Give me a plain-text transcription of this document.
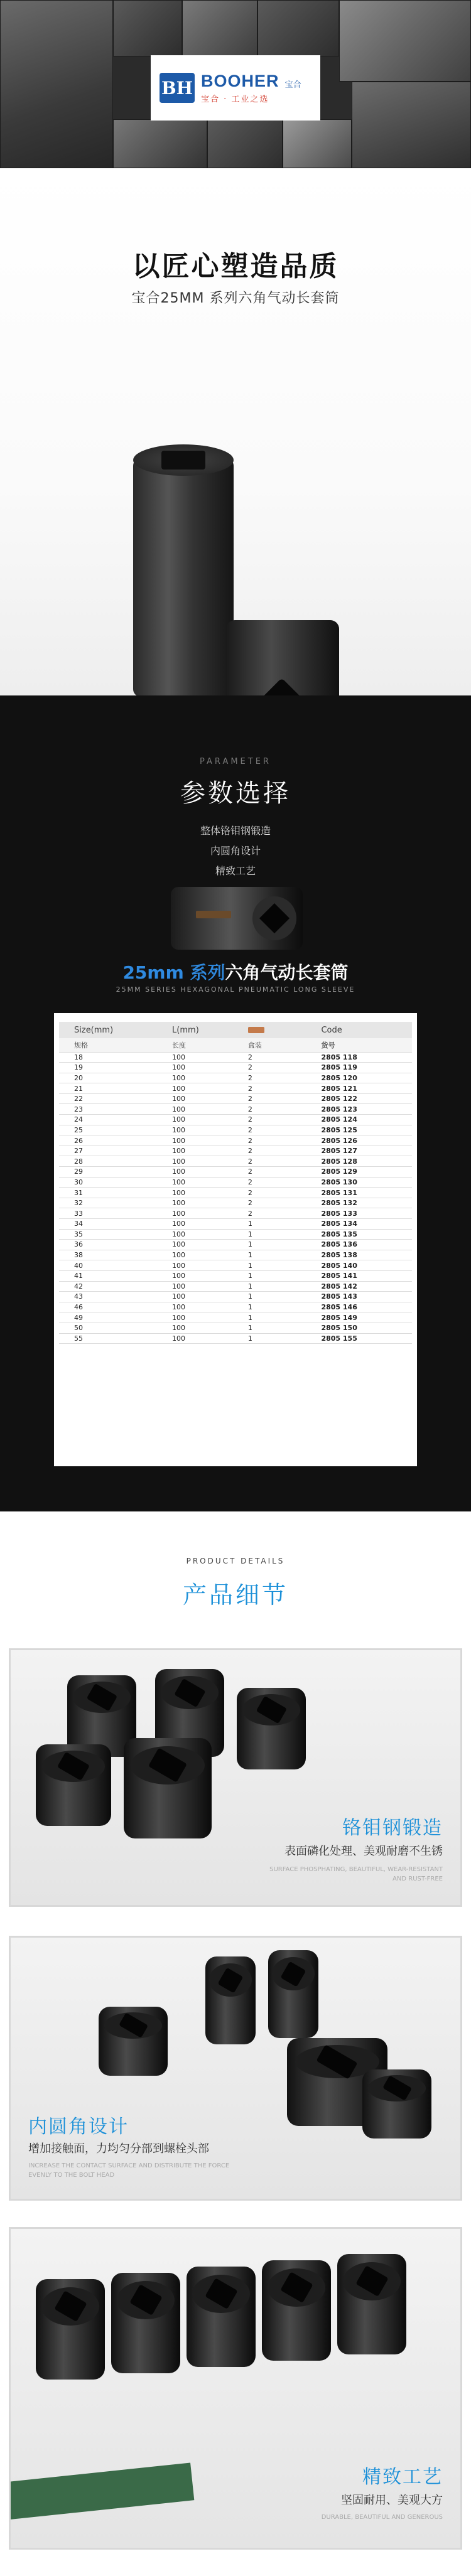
BH BOOHER 宝合
宝合 · 工业之选
以匠心塑造品质
宝合25MM 系列六角气动长套筒
PARAMETER
参数选择
整体铬钼钢锻造
内圆角设计
精致工艺
25mm 系列六角气动长套筒
25MM SERIES HEXAGONAL PNEUMATIC LONG SLEEVE
Size(mm)	L(mm)		Code
规格	长度	盒装	货号
18	100	2	2805 118
19	100	2	2805 119
20	100	2	2805 120
21	100	2	2805 121
22	100	2	2805 122
23	100	2	2805 123
24	100	2	2805 124
25	100	2	2805 125
26	100	2	2805 126
27	100	2	2805 127
28	100	2	2805 128
29	100	2	2805 129
30	100	2	2805 130
31	100	2	2805 131
32	100	2	2805 132
33	100	2	2805 133
34	100	1	2805 134
35	100	1	2805 135
36	100	1	2805 136
38	100	1	2805 138
40	100	1	2805 140
41	100	1	2805 141
42	100	1	2805 142
43	100	1	2805 143
46	100	1	2805 146
49	100	1	2805 149
50	100	1	2805 150
55	100	1	2805 155
PRODUCT DETAILS
产品细节
铬钼钢锻造
表面磷化处理、美观耐磨不生锈
SURFACE PHOSPHATING, BEAUTIFUL, WEAR-RESISTANT
AND RUST-FREE
内圆角设计
增加接触面，力均匀分部到螺栓头部
INCREASE THE CONTACT SURFACE AND DISTRIBUTE THE FORCE
EVENLY TO THE BOLT HEAD
精致工艺
坚固耐用、美观大方
DURABLE, BEAUTIFUL AND GENEROUS
